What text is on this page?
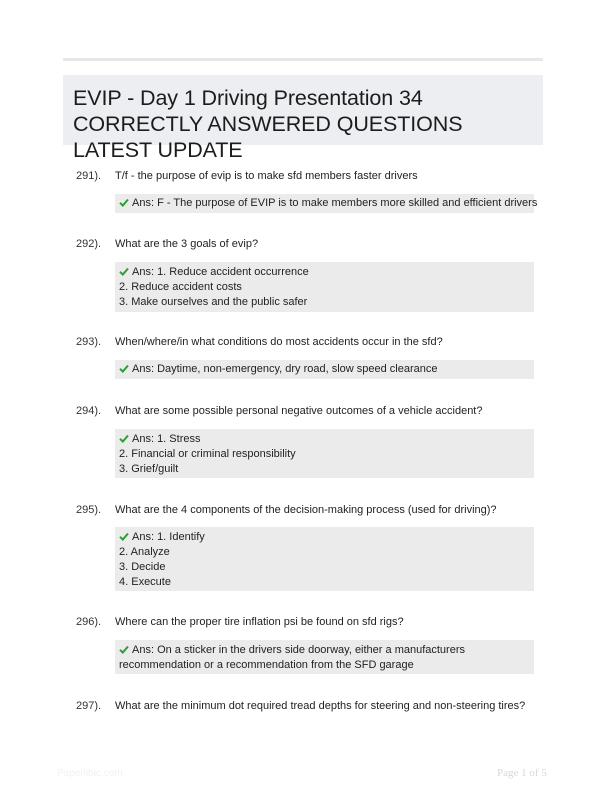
EVIP - Day 1 Driving Presentation 34 CORRECTLY ANSWERED QUESTIONS LATEST UPDATE
291). T/f - the purpose of evip is to make sfd members faster drivers
Ans: F - The purpose of EVIP is to make members more skilled and efficient drivers
292). What are the 3 goals of evip?
Ans: 1. Reduce accident occurrence
2. Reduce accident costs
3. Make ourselves and the public safer
293). When/where/in what conditions do most accidents occur in the sfd?
Ans: Daytime, non-emergency, dry road, slow speed clearance
294). What are some possible personal negative outcomes of a vehicle accident?
Ans: 1. Stress
2. Financial or criminal responsibility
3. Grief/guilt
295). What are the 4 components of the decision-making process (used for driving)?
Ans: 1. Identify
2. Analyze
3. Decide
4. Execute
296). Where can the proper tire inflation psi be found on sfd rigs?
Ans: On a sticker in the drivers side doorway, either a manufacturers
recommendation or a recommendation from the SFD garage
297). What are the minimum dot required tread depths for steering and non-steering tires?
Paperlibic.com	Page 1 of 5
